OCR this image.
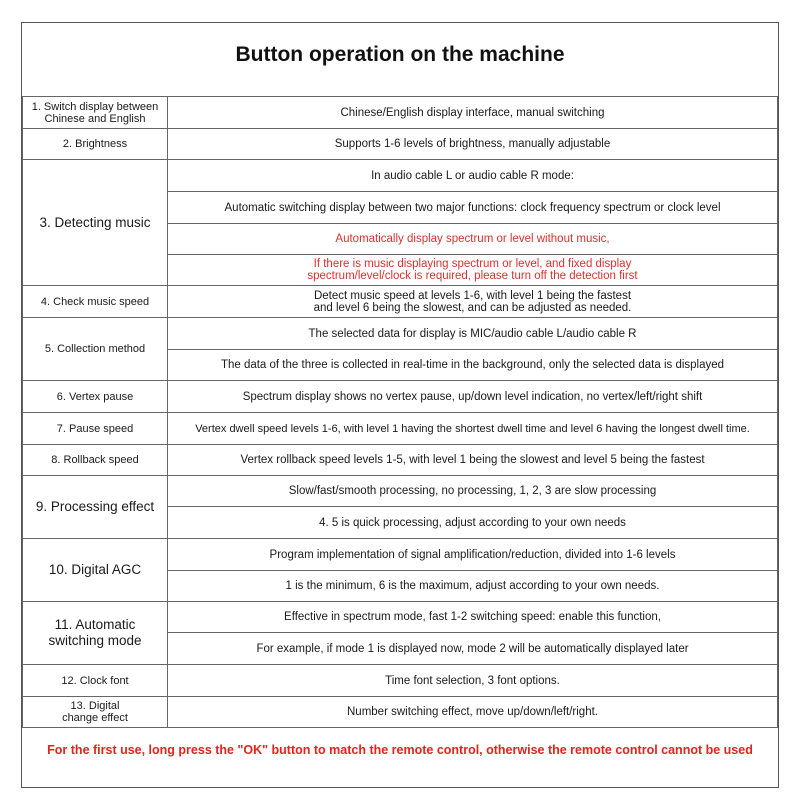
Button operation on the machine
1. Switch display between
Chinese and English	Chinese/English display interface, manual switching
2. Brightness	Supports 1-6 levels of brightness, manually adjustable
3. Detecting music	In audio cable L or audio cable R mode:
	Automatic switching display between two major functions: clock frequency spectrum or clock level
	Automatically display spectrum or level without music,
	If there is music displaying spectrum or level, and fixed display
spectrum/level/clock is required, please turn off the detection first
4. Check music speed	Detect music speed at levels 1-6, with level 1 being the fastest
and level 6 being the slowest, and can be adjusted as needed.
5. Collection method	The selected data for display is MIC/audio cable L/audio cable R
	The data of the three is collected in real-time in the background, only the selected data is displayed
6. Vertex pause	Spectrum display shows no vertex pause, up/down level indication, no vertex/left/right shift
7. Pause speed	Vertex dwell speed levels 1-6, with level 1 having the shortest dwell time and level 6 having the longest dwell time.
8. Rollback speed	Vertex rollback speed levels 1-5, with level 1 being the slowest and level 5 being the fastest
9. Processing effect	Slow/fast/smooth processing, no processing, 1, 2, 3 are slow processing
	4. 5 is quick processing, adjust according to your own needs
10. Digital AGC	Program implementation of signal amplification/reduction, divided into 1-6 levels
	1 is the minimum, 6 is the maximum, adjust according to your own needs.
11. Automatic
switching mode	Effective in spectrum mode, fast 1-2 switching speed: enable this function,
	For example, if mode 1 is displayed now, mode 2 will be automatically displayed later
12. Clock font	Time font selection, 3 font options.
13. Digital
change effect	Number switching effect, move up/down/left/right.
For the first use, long press the "OK" button to match the remote control, otherwise the remote control cannot be used
